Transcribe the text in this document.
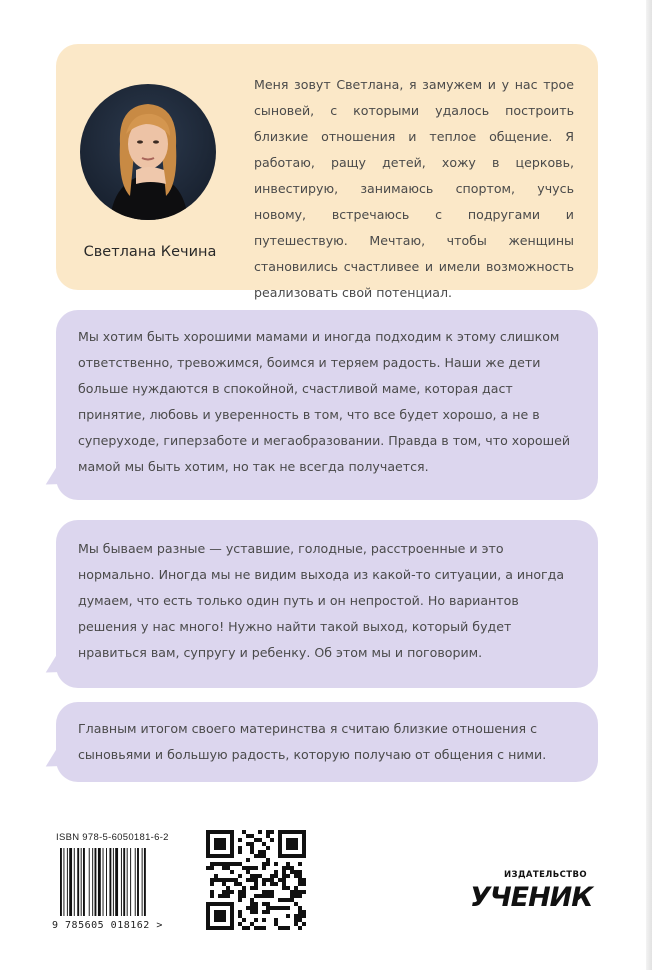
Светлана Кечина
Меня зовут Светлана, я замужем и у нас трое сыновей, с которыми удалось построить близкие отношения и теплое общение. Я работаю, ращу детей, хожу в церковь, инвестирую, занимаюсь спортом, учусь новому, встречаюсь с подругами и путешествую. Мечтаю, чтобы женщины становились счастливее и имели возможность реализовать свой потенциал.

Мы хотим быть хорошими мамами и иногда подходим к этому слишком ответственно, тревожимся, боимся и теряем радость. Наши же дети больше нуждаются в спокойной, счастливой маме, которая даст принятие, любовь и уверенность в том, что все будет хорошо, а не в суперуходе, гиперзаботе и мегаобразовании. Правда в том, что хорошей мамой мы быть хотим, но так не всегда получается.

Мы бываем разные — уставшие, голодные, расстроенные и это нормально. Иногда мы не видим выхода из какой-то ситуации, а иногда думаем, что есть только один путь и он непростой. Но вариантов решения у нас много! Нужно найти такой выход, который будет нравиться вам, супругу и ребенку. Об этом мы и поговорим.

Главным итогом своего материнства я считаю близкие отношения с сыновьями и большую радость, которую получаю от общения с ними.

ISBN 978-5-6050181-6-2
9 785605 018162 >
ИЗДАТЕЛЬСТВО
УЧЕНИК
